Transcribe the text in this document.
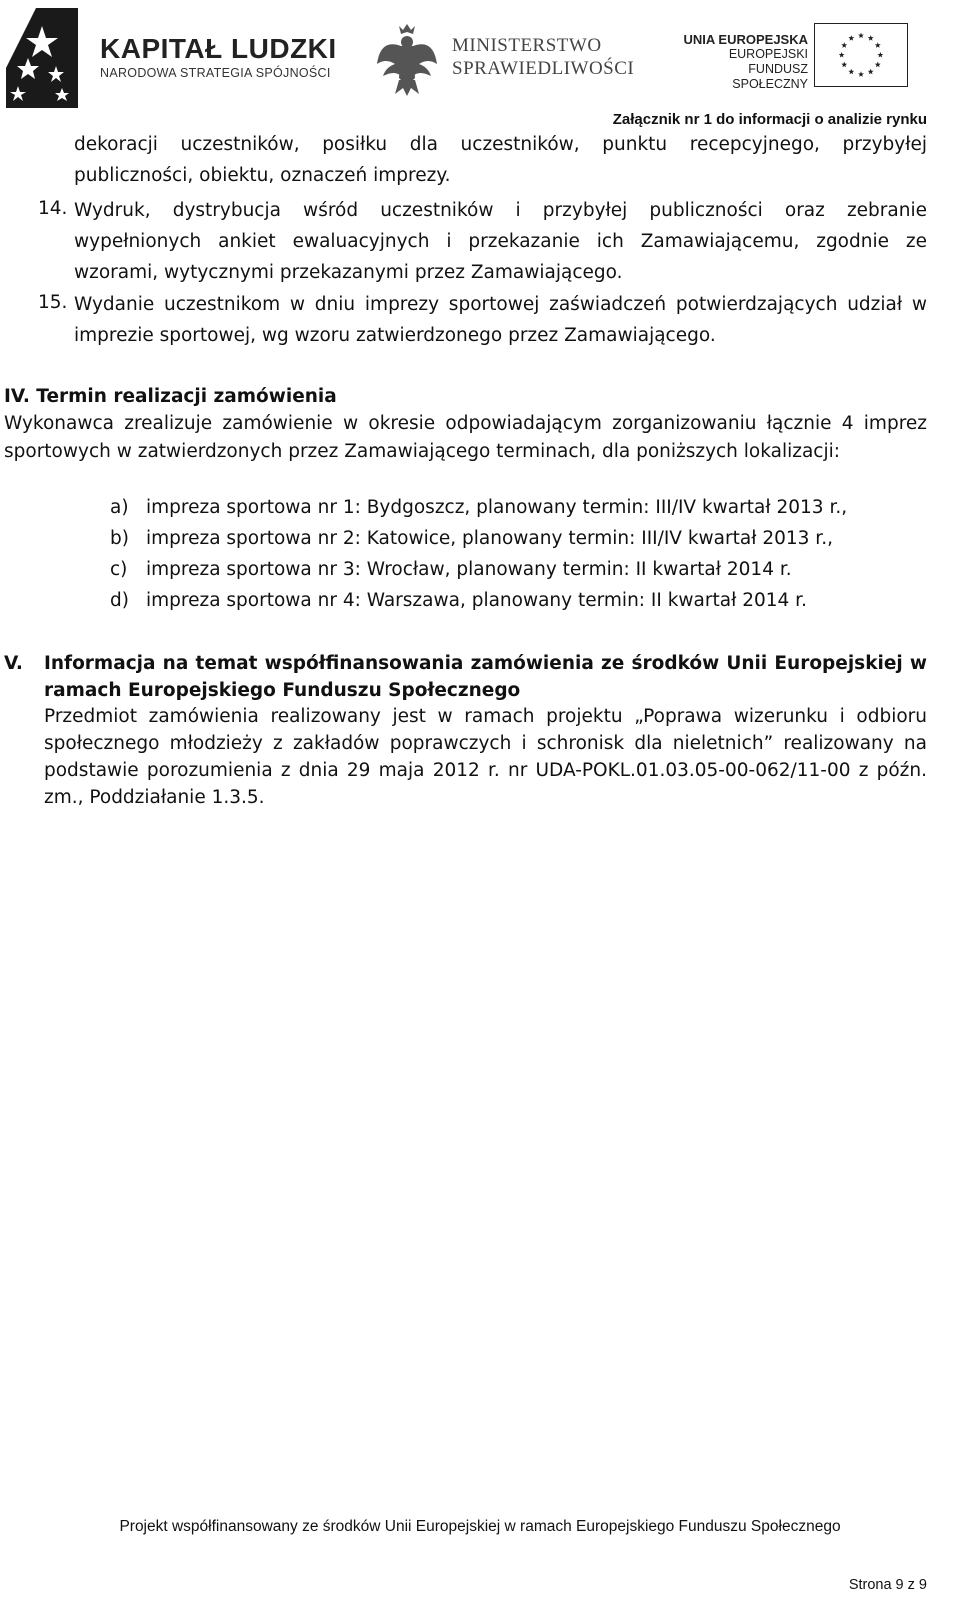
KAPITAŁ LUDZKI
NARODOWA STRATEGIA SPÓJNOŚCI
MINISTERSTWO
SPRAWIEDLIWOŚCI
UNIA EUROPEJSKA
EUROPEJSKI
FUNDUSZ SPOŁECZNY
Załącznik nr 1 do informacji o analizie rynku
dekoracji uczestników, posiłku dla uczestników, punktu recepcyjnego, przybyłej
publiczności, obiektu, oznaczeń imprezy.
14. Wydruk, dystrybucja wśród uczestników i przybyłej publiczności oraz zebranie wypełnionych ankiet ewaluacyjnych i przekazanie ich Zamawiającemu, zgodnie ze wzorami, wytycznymi przekazanymi przez Zamawiającego.
15. Wydanie uczestnikom w dniu imprezy sportowej zaświadczeń potwierdzających udział w imprezie sportowej, wg wzoru zatwierdzonego przez Zamawiającego.
IV. Termin realizacji zamówienia
Wykonawca zrealizuje zamówienie w okresie odpowiadającym zorganizowaniu łącznie 4 imprez sportowych w zatwierdzonych przez Zamawiającego terminach, dla poniższych lokalizacji:
a) impreza sportowa nr 1: Bydgoszcz, planowany termin: III/IV kwartał 2013 r.,
b) impreza sportowa nr 2: Katowice, planowany termin: III/IV kwartał 2013 r.,
c) impreza sportowa nr 3: Wrocław, planowany termin: II kwartał 2014 r.
d) impreza sportowa nr 4: Warszawa, planowany termin: II kwartał 2014 r.
V. Informacja na temat współfinansowania zamówienia ze środków Unii Europejskiej w ramach Europejskiego Funduszu Społecznego
Przedmiot zamówienia realizowany jest w ramach projektu „Poprawa wizerunku i odbioru społecznego młodzieży z zakładów poprawczych i schronisk dla nieletnich” realizowany na podstawie porozumienia z dnia 29 maja 2012 r. nr UDA-POKL.01.03.05-00-062/11-00 z późn. zm., Poddziałanie 1.3.5.
Projekt współfinansowany ze środków Unii Europejskiej w ramach Europejskiego Funduszu Społecznego
Strona 9 z 9
